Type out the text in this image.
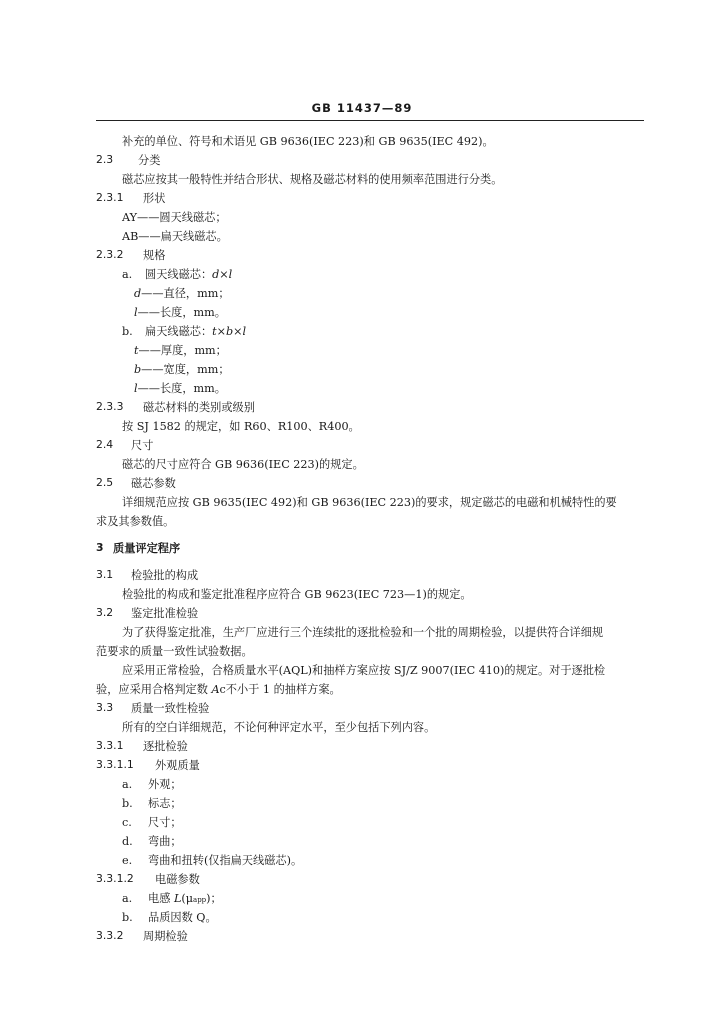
GB 11437—89
补充的单位、符号和术语见 GB 9636(IEC 223)和 GB 9635(IEC 492)。
2.3 分类
磁芯应按其一般特性并结合形状、规格及磁芯材料的使用频率范围进行分类。
2.3.1 形状
AY——圆天线磁芯；
AB——扁天线磁芯。
2.3.2 规格
a. 圆天线磁芯：d×l
d——直径，mm；
l——长度，mm。
b. 扁天线磁芯：t×b×l
t——厚度，mm；
b——宽度，mm；
l——长度，mm。
2.3.3 磁芯材料的类别或级别
按 SJ 1582 的规定，如 R60、R100、R400。
2.4 尺寸
磁芯的尺寸应符合 GB 9636(IEC 223)的规定。
2.5 磁芯参数
详细规范应按 GB 9635(IEC 492)和 GB 9636(IEC 223)的要求，规定磁芯的电磁和机械特性的要
求及其参数值。
3 质量评定程序
3.1 检验批的构成
检验批的构成和鉴定批准程序应符合 GB 9623(IEC 723—1)的规定。
3.2 鉴定批准检验
为了获得鉴定批准，生产厂应进行三个连续批的逐批检验和一个批的周期检验，以提供符合详细规
范要求的质量一致性试验数据。
应采用正常检验，合格质量水平(AQL)和抽样方案应按 SJ/Z 9007(IEC 410)的规定。对于逐批检
验，应采用合格判定数 Ac不小于 1 的抽样方案。
3.3 质量一致性检验
所有的空白详细规范，不论何种评定水平，至少包括下列内容。
3.3.1 逐批检验
3.3.1.1 外观质量
a. 外观；
b. 标志；
c. 尺寸；
d. 弯曲；
e. 弯曲和扭转(仅指扁天线磁芯)。
3.3.1.2 电磁参数
a. 电感 L(μapp)；
b. 品质因数 Q。
3.3.2 周期检验
